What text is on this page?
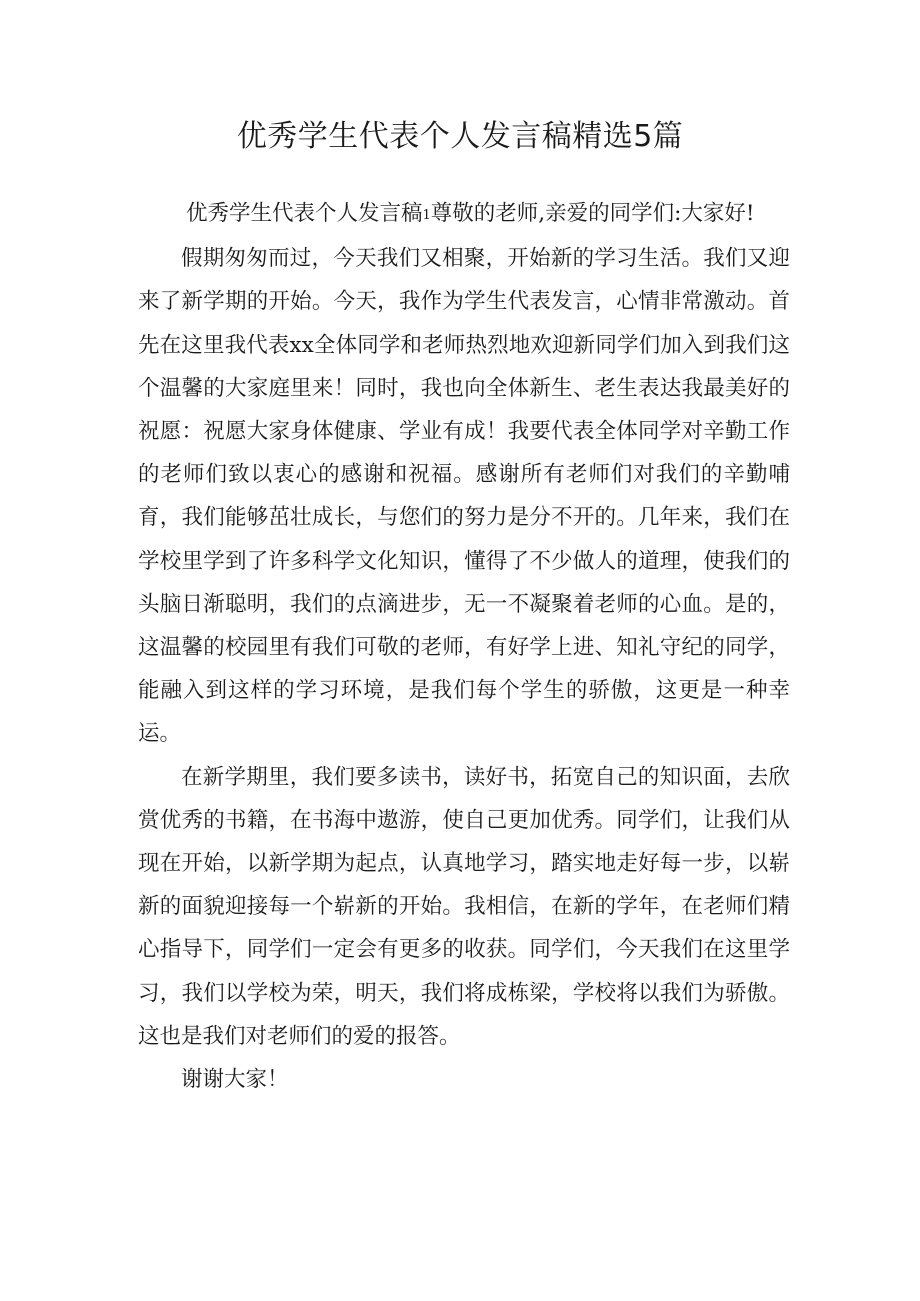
优秀学生代表个人发言稿精选5篇

优秀学生代表个人发言稿1尊敬的老师,亲爱的同学们:大家好!

假期匆匆而过，今天我们又相聚，开始新的学习生活。我们又迎来了新学期的开始。今天，我作为学生代表发言，心情非常激动。首先在这里我代表xx全体同学和老师热烈地欢迎新同学们加入到我们这个温馨的大家庭里来！同时，我也向全体新生、老生表达我最美好的祝愿：祝愿大家身体健康、学业有成！我要代表全体同学对辛勤工作的老师们致以衷心的感谢和祝福。感谢所有老师们对我们的辛勤哺育，我们能够茁壮成长，与您们的努力是分不开的。几年来，我们在学校里学到了许多科学文化知识，懂得了不少做人的道理，使我们的头脑日渐聪明，我们的点滴进步，无一不凝聚着老师的心血。是的，这温馨的校园里有我们可敬的老师，有好学上进、知礼守纪的同学，能融入到这样的学习环境，是我们每个学生的骄傲，这更是一种幸运。

在新学期里，我们要多读书，读好书，拓宽自己的知识面，去欣赏优秀的书籍，在书海中遨游，使自己更加优秀。同学们，让我们从现在开始，以新学期为起点，认真地学习，踏实地走好每一步，以崭新的面貌迎接每一个崭新的开始。我相信，在新的学年，在老师们精心指导下，同学们一定会有更多的收获。同学们，今天我们在这里学习，我们以学校为荣，明天，我们将成栋梁，学校将以我们为骄傲。这也是我们对老师们的爱的报答。

谢谢大家！
